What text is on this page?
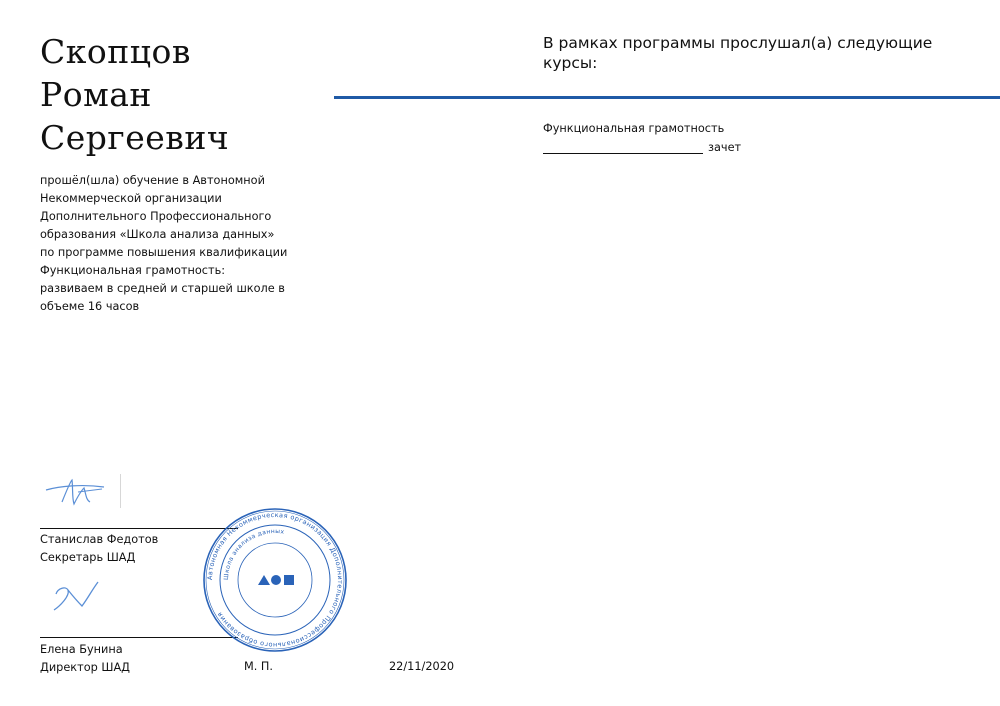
Скопцов
Роман
Сергеевич
прошёл(шла) обучение в Автономной Некоммерческой организации Дополнительного Профессионального образования «Школа анализа данных» по программе повышения квалификации Функциональная грамотность: развиваем в средней и старшей школе в объеме 16 часов
В рамках программы прослушал(а) следующие курсы:
Функциональная грамотность
зачет
Станислав Федотов
Секретарь ШАД
Елена Бунина
Директор ШАД	М. П.	22/11/2020
Автономная Некоммерческая организация Дополнительного Профессионального образования
Школа анализа данных
